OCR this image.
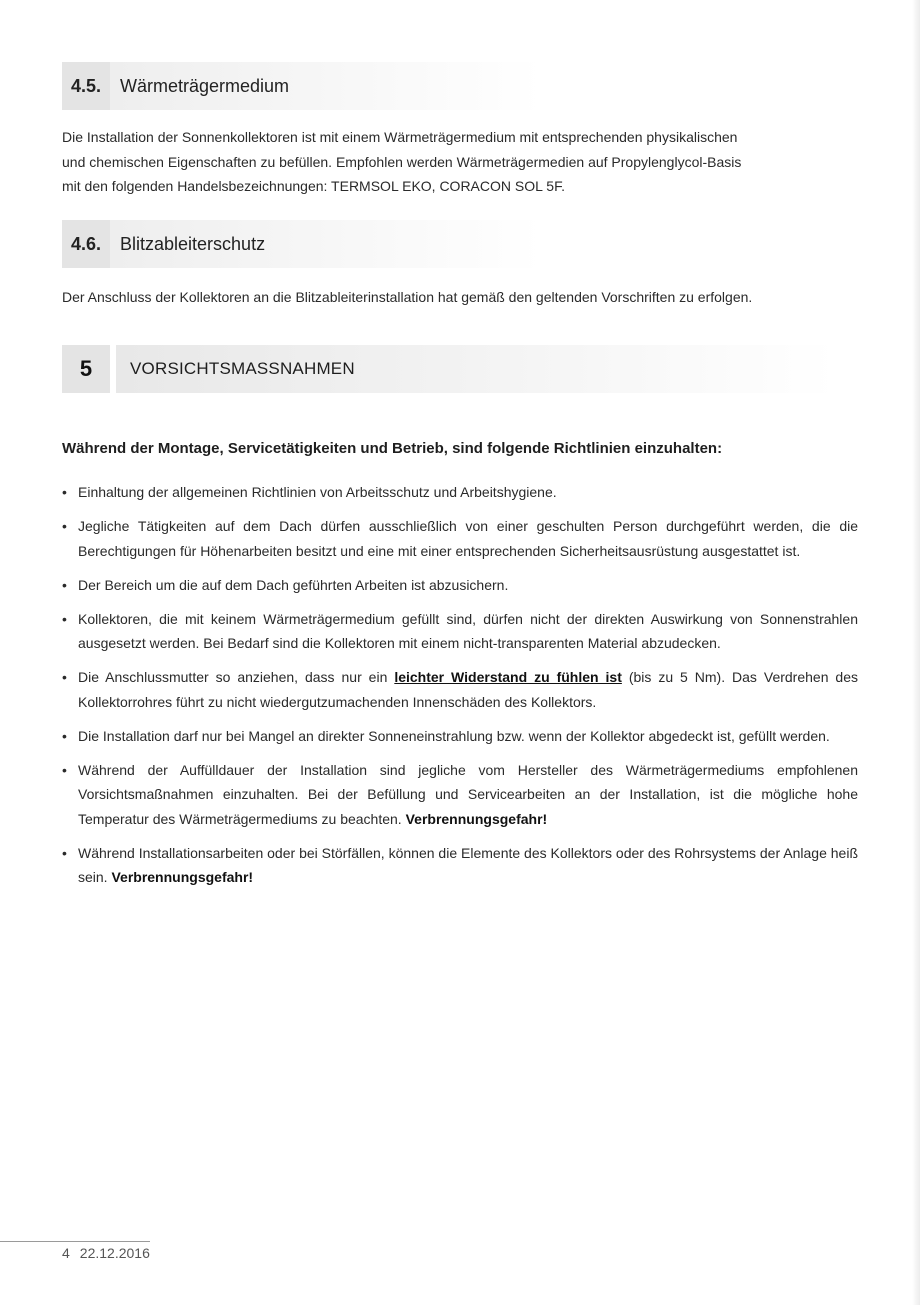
4.5.	Wärmeträgermedium
Die Installation der Sonnenkollektoren ist mit einem Wärmeträgermedium mit entsprechenden physikalischen
und chemischen Eigenschaften zu befüllen. Empfohlen werden Wärmeträgermedien auf Propylenglycol-Basis
mit den folgenden Handelsbezeichnungen: TERMSOL EKO, CORACON SOL 5F.
4.6.	Blitzableiterschutz
Der Anschluss der Kollektoren an die Blitzableiterinstallation hat gemäß den geltenden Vorschriften zu erfolgen.
5	VORSICHTSMASSNAHMEN
Während der Montage, Servicetätigkeiten und Betrieb, sind folgende Richtlinien einzuhalten:
• Einhaltung der allgemeinen Richtlinien von Arbeitsschutz und Arbeitshygiene.
• Jegliche Tätigkeiten auf dem Dach dürfen ausschließlich von einer geschulten Person durchgeführt werden, die die Berechtigungen für Höhenarbeiten besitzt und eine mit einer entsprechenden Sicherheitsausrüstung ausgestattet ist.
• Der Bereich um die auf dem Dach geführten Arbeiten ist abzusichern.
• Kollektoren, die mit keinem Wärmeträgermedium gefüllt sind, dürfen nicht der direkten Auswirkung von Sonnenstrahlen ausgesetzt werden. Bei Bedarf sind die Kollektoren mit einem nicht-transparenten Material abzudecken.
• Die Anschlussmutter so anziehen, dass nur ein leichter Widerstand zu fühlen ist (bis zu 5 Nm). Das Verdrehen des Kollektorrohres führt zu nicht wiedergutzumachenden Innenschäden des Kollektors.
• Die Installation darf nur bei Mangel an direkter Sonneneinstrahlung bzw. wenn der Kollektor abgedeckt ist, gefüllt werden.
• Während der Auffülldauer der Installation sind jegliche vom Hersteller des Wärmeträgermediums empfohlenen Vorsichtsmaßnahmen einzuhalten. Bei der Befüllung und Servicearbeiten an der Installation, ist die mögliche hohe Temperatur des Wärmeträgermediums zu beachten. Verbrennungsgefahr!
• Während Installationsarbeiten oder bei Störfällen, können die Elemente des Kollektors oder des Rohrsystems der Anlage heiß sein. Verbrennungsgefahr!
4 22.12.2016
